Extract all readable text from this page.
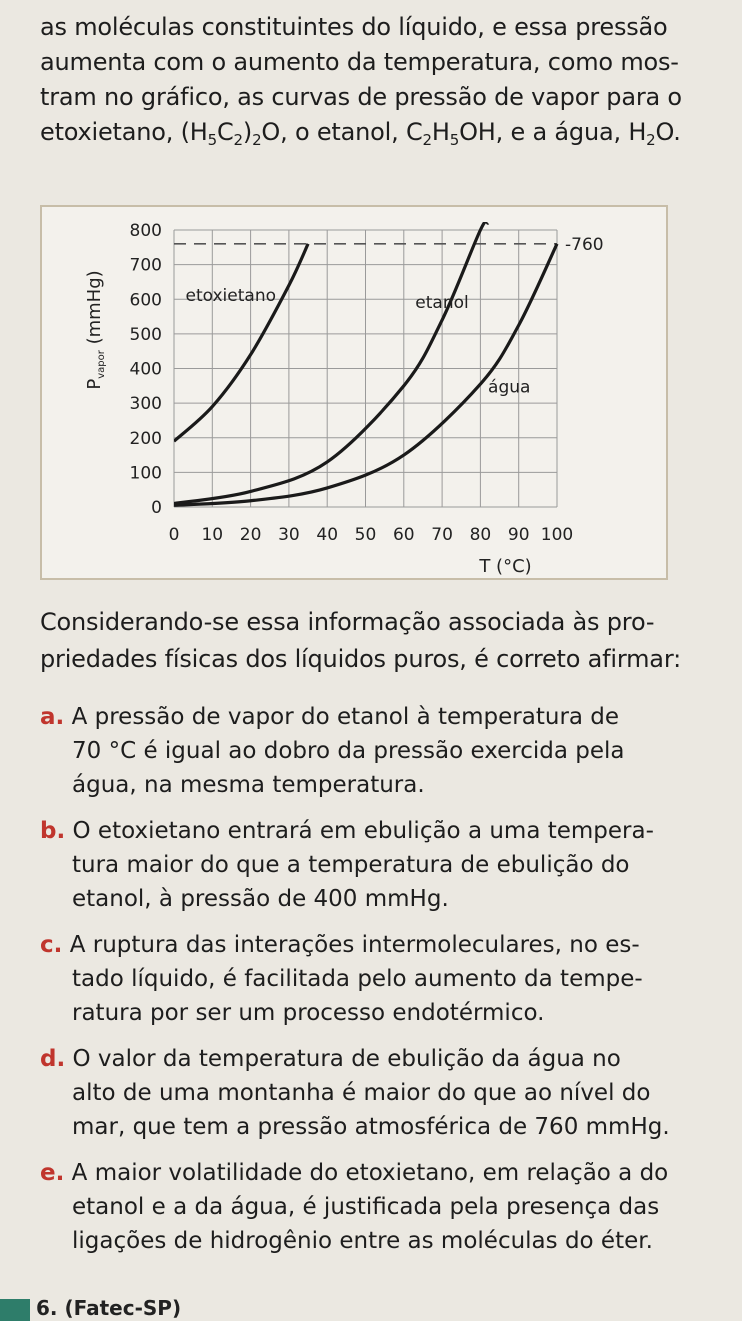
as moléculas constituintes do líquido, e essa pressão
aumenta com o aumento da temperatura, como mos-
tram no gráfico, as curvas de pressão de vapor para o
etoxietano, $(H_5C_2)_2O$, o etanol, $C_2H_5OH$, e a água, $H_2O$.
0 10 20 30 40 50 60 70 80 90 100
0
100
200
300
400
500
600
700
800
-760
etoxietano	etanol
água
$P_{vapor}$ (mmHg)
T (°C)
Considerando-se essa informação associada às pro-
priedades físicas dos líquidos puros, é correto afirmar:
a. A pressão de vapor do etanol à temperatura de
70 °C é igual ao dobro da pressão exercida pela
água, na mesma temperatura.
b. O etoxietano entrará em ebulição a uma tempera-
tura maior do que a temperatura de ebulição do
etanol, à pressão de 400 mmHg.
c. A ruptura das interações intermoleculares, no es-
tado líquido, é facilitada pelo aumento da tempe-
ratura por ser um processo endotérmico.
d. O valor da temperatura de ebulição da água no
alto de uma montanha é maior do que ao nível do
mar, que tem a pressão atmosférica de 760 mmHg.
e. A maior volatilidade do etoxietano, em relação a do
etanol e a da água, é justificada pela presença das
ligações de hidrogênio entre as moléculas do éter.
6. (Fatec-SP)
